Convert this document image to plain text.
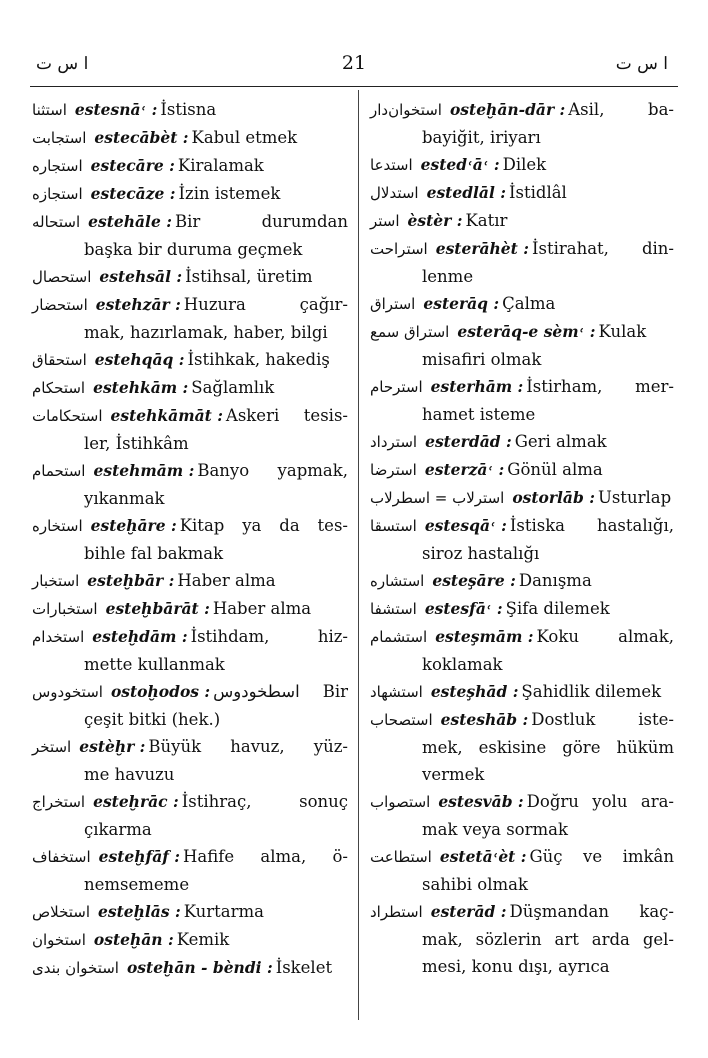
ا س ت	21	ا س ت
استثنا estesnā˓ : İstisna
استجابت estecābèt : Kabul etmek
استجاره estecāre : Kiralamak
استجازه estecāze : İzin istemek
استحاله estehāle : Bir durumdan
başka bir duruma geçmek
استحصال estehsāl : İstihsal, üretim
استحضار estehzār : Huzura çağır-
mak, hazırlamak, haber, bilgi
استحقاق estehqāq : İstihkak, hakediş
استحكام estehkām : Sağlamlık
استحكامات estehkāmāt : Askeri tesis-
ler, İstihkâm
استحمام estehmām : Banyo yapmak,
yıkanmak
استخاره esteḫāre : Kitap ya da tes-
bihle fal bakmak
استخبار esteḫbār : Haber alma
استخبارات esteḫbārāt : Haber alma
استخدام esteḫdām : İstihdam, hiz-
mette kullanmak
استخودوس ostoḫodos : اسطخودوس Bir
çeşit bitki (hek.)
استخر estèḫr : Büyük havuz, yüz-
me havuzu
استخراج esteḫrāc : İstihraç, sonuç
çıkarma
استخفاف esteḫfāf : Hafife alma, ö-
nemsememe
استخلاص esteḫlās : Kurtarma
استخوان osteḫān : Kemik
استخوان بندی osteḫān - bèndi : İskelet
استخوان‌دار osteḫān-dār : Asil, ba-
bayiğit, iriyarı
استدعا ested˓ā˓ : Dilek
استدلال estedlāl : İstidlâl
استر èstèr : Katır
استراحت esterāhèt : İstirahat, din-
lenme
استراق esterāq : Çalma
استراق سمع esterāq-e sèm˓ : Kulak
misafiri olmak
استرحام esterhām : İstirham, mer-
hamet isteme
استرداد esterdād : Geri almak
استرضا esterzā˓ : Gönül alma
استرلاب = اسطرلاب ostorlāb : Usturlap
استسقا estesqā˓ : İstiska hastalığı,
siroz hastalığı
استشاره esteşāre : Danışma
استشفا estesfā˓ : Şifa dilemek
استشمام esteşmām : Koku almak,
koklamak
استشهاد esteşhād : Şahidlik dilemek
استصحاب esteshāb : Dostluk iste-
mek, eskisine göre hüküm vermek
استصواب estesvāb : Doğru yolu ara-
mak veya sormak
استطاعت estetā˓èt : Güç ve imkân
sahibi olmak
استطراد esterād : Düşmandan kaç-
mak, sözlerin art arda gel- mesi, konu dışı, ayrıca
